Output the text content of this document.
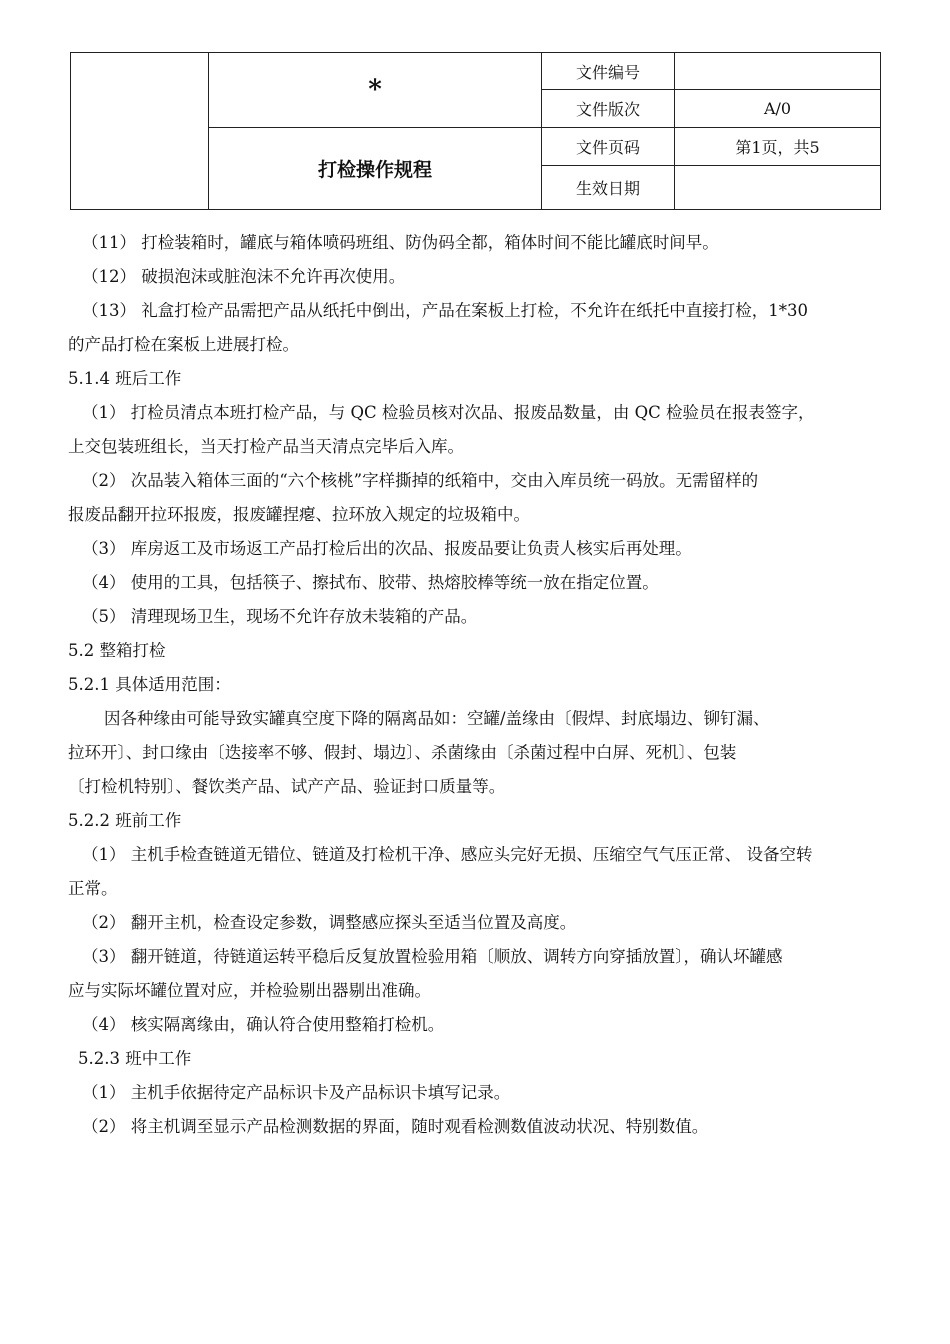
	*	文件编号	
		文件版次	A/0
	打检操作规程	文件页码	第1页，共5
		生效日期	
（11） 打检装箱时，罐底与箱体喷码班组、防伪码全都，箱体时间不能比罐底时间早。
（12） 破损泡沫或脏泡沫不允许再次使用。
（13） 礼盒打检产品需把产品从纸托中倒出，产品在案板上打检，不允许在纸托中直接打检，1*30
的产品打检在案板上进展打检。
5.1.4 班后工作
（1） 打检员清点本班打检产品，与 QC 检验员核对次品、报废品数量，由 QC 检验员在报表签字，
上交包装班组长，当天打检产品当天清点完毕后入库。
（2） 次品装入箱体三面的“六个核桃”字样撕掉的纸箱中，交由入库员统一码放。无需留样的
报废品翻开拉环报废，报废罐捏瘪、拉环放入规定的垃圾箱中。
（3） 库房返工及市场返工产品打检后出的次品、报废品要让负责人核实后再处理。
（4） 使用的工具，包括筷子、擦拭布、胶带、热熔胶棒等统一放在指定位置。
（5） 清理现场卫生，现场不允许存放未装箱的产品。
5.2 整箱打检
5.2.1 具体适用范围：
因各种缘由可能导致实罐真空度下降的隔离品如：空罐/盖缘由〔假焊、封底塌边、铆钉漏、
拉环开〕、封口缘由〔迭接率不够、假封、塌边〕、杀菌缘由〔杀菌过程中白屏、死机〕、包装
〔打检机特别〕、餐饮类产品、试产产品、验证封口质量等。
5.2.2 班前工作
（1） 主机手检查链道无错位、链道及打检机干净、感应头完好无损、压缩空气气压正常、 设备空转
正常。
（2） 翻开主机，检查设定参数，调整感应探头至适当位置及高度。
（3） 翻开链道，待链道运转平稳后反复放置检验用箱〔顺放、调转方向穿插放置〕，确认坏罐感
应与实际坏罐位置对应，并检验剔出器剔出准确。
（4） 核实隔离缘由，确认符合使用整箱打检机。
5.2.3 班中工作
（1） 主机手依据待定产品标识卡及产品标识卡填写记录。
（2） 将主机调至显示产品检测数据的界面，随时观看检测数值波动状况、特别数值。
